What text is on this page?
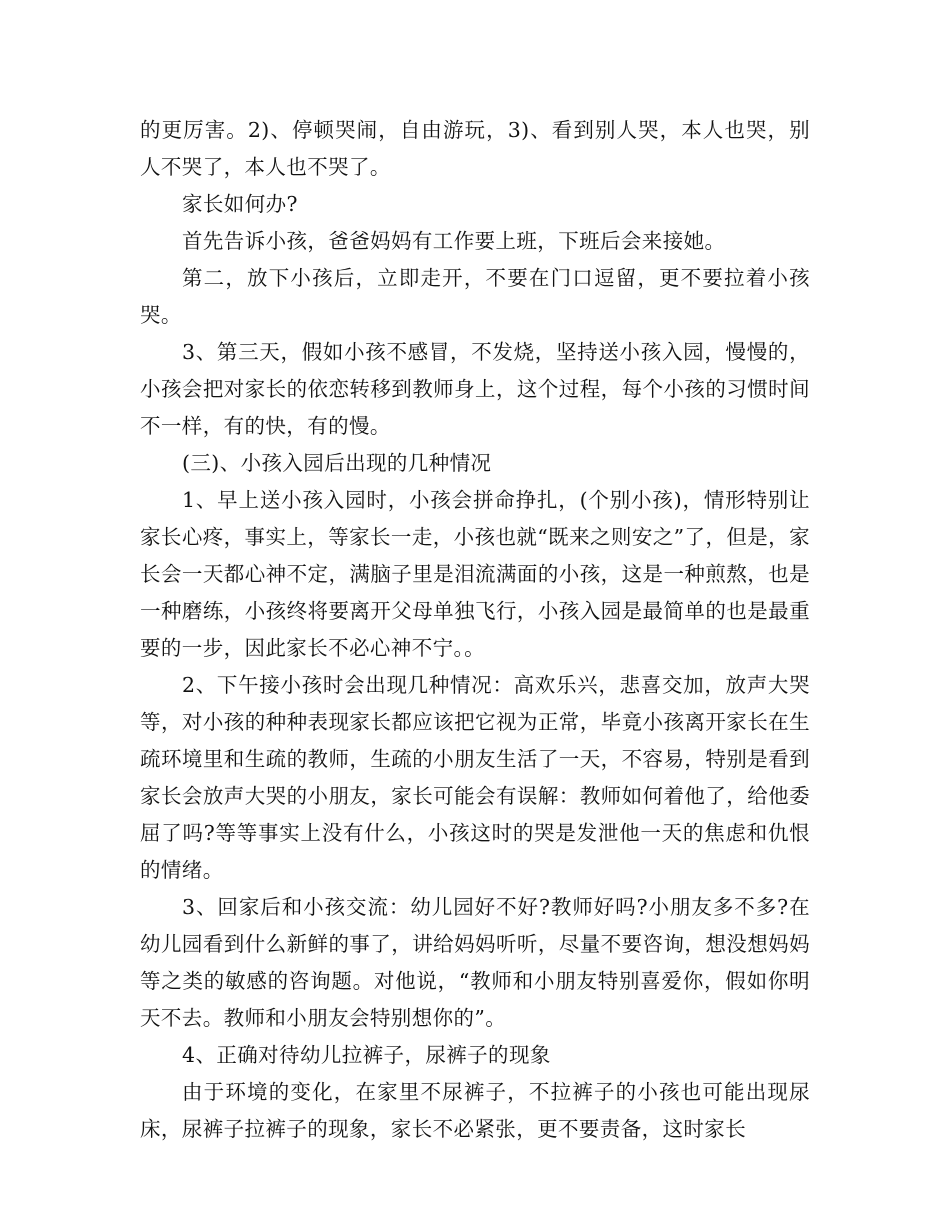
的更厉害。2)、停顿哭闹，自由游玩，3)、看到别人哭，本人也哭，别人不哭了，本人也不哭了。

家长如何办?

首先告诉小孩，爸爸妈妈有工作要上班，下班后会来接她。

第二，放下小孩后，立即走开，不要在门口逗留，更不要拉着小孩哭。

3、第三天，假如小孩不感冒，不发烧，坚持送小孩入园，慢慢的，小孩会把对家长的依恋转移到教师身上，这个过程，每个小孩的习惯时间不一样，有的快，有的慢。

(三)、小孩入园后出现的几种情况

1、早上送小孩入园时，小孩会拼命挣扎，(个别小孩)，情形特别让家长心疼，事实上，等家长一走，小孩也就“既来之则安之”了，但是，家长会一天都心神不定，满脑子里是泪流满面的小孩，这是一种煎熬，也是一种磨练，小孩终将要离开父母单独飞行，小孩入园是最简单的也是最重要的一步，因此家长不必心神不宁。。

2、下午接小孩时会出现几种情况：高欢乐兴，悲喜交加，放声大哭等，对小孩的种种表现家长都应该把它视为正常，毕竟小孩离开家长在生疏环境里和生疏的教师，生疏的小朋友生活了一天，不容易，特别是看到家长会放声大哭的小朋友，家长可能会有误解：教师如何着他了，给他委屈了吗?等等事实上没有什么，小孩这时的哭是发泄他一天的焦虑和仇恨的情绪。

3、回家后和小孩交流：幼儿园好不好?教师好吗?小朋友多不多?在幼儿园看到什么新鲜的事了，讲给妈妈听听，尽量不要咨询，想没想妈妈等之类的敏感的咨询题。对他说，“教师和小朋友特别喜爱你，假如你明天不去。教师和小朋友会特别想你的”。

4、正确对待幼儿拉裤子，尿裤子的现象

由于环境的变化，在家里不尿裤子，不拉裤子的小孩也可能出现尿床，尿裤子拉裤子的现象，家长不必紧张，更不要责备，这时家长
